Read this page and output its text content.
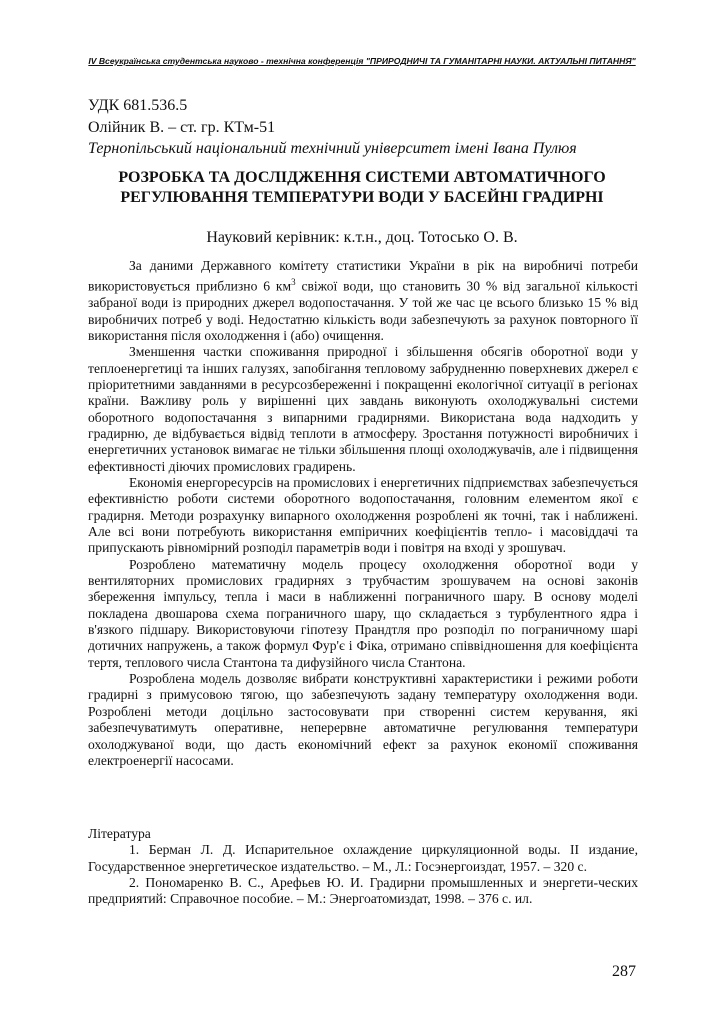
IV Всеукраїнська студентська науково - технічна конференція "ПРИРОДНИЧІ ТА ГУМАНІТАРНІ НАУКИ. АКТУАЛЬНІ ПИТАННЯ"
УДК 681.536.5
Олійник В. – ст. гр. КТм-51
Тернопільський національний технічний університет імені Івана Пулюя
РОЗРОБКА ТА ДОСЛІДЖЕННЯ СИСТЕМИ АВТОМАТИЧНОГО
РЕГУЛЮВАННЯ ТЕМПЕРАТУРИ ВОДИ У БАСЕЙНІ ГРАДИРНІ
Науковий керівник: к.т.н., доц. Тотосько О. В.

За даними Державного комітету статистики України в рік на виробничі потреби використовується приблизно 6 $км^3$ свіжої води, що становить 30 % від загальної кількості забраної води із природних джерел водопостачання. У той же час це всього близько 15 % від виробничих потреб у воді. Недостатню кількість води забезпечують за рахунок повторного її використання після охолодження і (або) очищення.

Зменшення частки споживання природної і збільшення обсягів оборотної води у теплоенергетиці та інших галузях, запобігання тепловому забрудненню поверхневих джерел є пріоритетними завданнями в ресурсозбереженні і покращенні екологічної ситуації в регіонах країни. Важливу роль у вирішенні цих завдань виконують охолоджувальні системи оборотного водопостачання з випарними градирнями. Використана вода надходить у градирню, де відбувається відвід теплоти в атмосферу. Зростання потужності виробничих і енергетичних установок вимагає не тільки збільшення площі охолоджувачів, але і підвищення ефективності діючих промислових градирень.

Економія енергоресурсів на промислових і енергетичних підприємствах забезпечується ефективністю роботи системи оборотного водопостачання, головним елементом якої є градирня. Методи розрахунку випарного охолодження розроблені як точні, так і наближені. Але всі вони потребують використання емпіричних коефіцієнтів тепло- і масовіддачі та припускають рівномірний розподіл параметрів води і повітря на вході у зрошувач.

Розроблено математичну модель процесу охолодження оборотної води у вентиляторних промислових градирнях з трубчастим зрошувачем на основі законів збереження імпульсу, тепла і маси в наближенні пограничного шару. В основу моделі покладена двошарова схема пограничного шару, що складається з турбулентного ядра і в'язкого підшару. Використовуючи гіпотезу Прандтля про розподіл по пограничному шарі дотичних напружень, а також формул Фур'є і Фіка, отримано співвідношення для коефіцієнта тертя, теплового числа Стантона та дифузійного числа Стантона.

Розроблена модель дозволяє вибрати конструктивні характеристики і режими роботи градирні з примусовою тягою, що забезпечують задану температуру охолодження води. Розроблені методи доцільно застосовувати при створенні систем керування, які забезпечуватимуть оперативне, неперервне автоматичне регулювання температури охолоджуваної води, що дасть економічний ефект за рахунок економії споживання електроенергії насосами.

Література

1. Берман Л. Д. Испарительное охлаждение циркуляционной воды. II издание, Государственное энергетическое издательство. – М., Л.: Госэнергоиздат, 1957. – 320 с.

2. Пономаренко В. С., Арефьев Ю. И. Градирни промышленных и энергети-ческих предприятий: Справочное пособие. – М.: Энергоатомиздат, 1998. – 376 с. ил.

287
